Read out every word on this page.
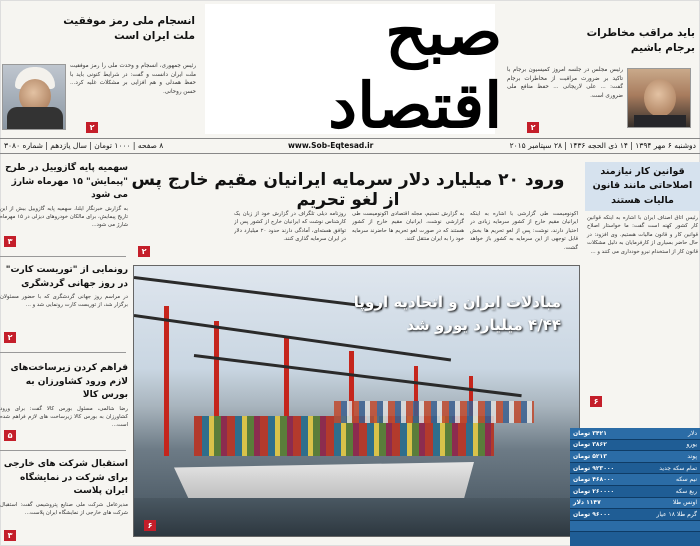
باید مراقب مخاطرات برجام باشیم
رئیس مجلس در جلسه امروز کمیسیون برجام با تاکید بر ضرورت مراقبت از مخاطرات برجام گفت: ... علی لاریجانی ... حفظ منافع ملی ضروری است.
۲
صبح اقتصاد
انسجام ملی رمز موفقیت ملت ایران است
رئیس جمهوری، انسجام و وحدت ملی را رمز موفقیت ملت ایران دانست و گفت: در شرایط کنونی باید با حفظ همدلی و هم افزایی بر مشکلات غلبه کرد... حسن روحانی.
۲
دوشنبه ۶ مهر ۱۳۹۴ | ۱۴ ذی الحجه ۱۴۳۶ | ۲۸ سپتامبر ۲۰۱۵
www.Sob-Eqtesad.ir
۸ صفحه | ۱۰۰۰ تومان | سال یازدهم | شماره ۳۰۸۰
ورود ۲۰ میلیارد دلار سرمایه ایرانیان مقیم خارج پس از لغو تحریم
اکونومیست طی گزارشی با اشاره به اینکه ایرانیان مقیم خارج از کشور سرمایه زیادی در اختیار دارند، نوشت: پس از لغو تحریم ها بخش قابل توجهی از این سرمایه به کشور باز خواهد گشت.
به گزارش تسنیم، مجله اقتصادی اکونومیست طی گزارشی نوشت، ایرانیان مقیم خارج از کشور هستند که در صورت لغو تحریم ها حاضرند سرمایه خود را به ایران منتقل کنند.
روزنامه دیلی تلگراف در گزارش خود از زبان یک کارشناس نوشت که ایرانیان خارج از کشور پس از توافق هسته‌ای، آمادگی دارند حدود ۲۰ میلیارد دلار در ایران سرمایه گذاری کنند.
۲
مبادلات ایران و اتحادیه اروپا ۴/۴۴ میلیارد یورو شد
۶
سهمیه پایه گازوییل در طرح "پیمایش" ۱۵ مهرماه شارژ می شود
به گزارش خبرنگار ایلنا، سهمیه پایه گازوییل بیش از این تاریخ پیمایش، برای مالکان خودروهای دیزلی در ۱۵ مهرماه شارژ می شود...
۳
رونمایی از "توریست کارت" در روز جهانی گردشگری
در مراسم روز جهانی گردشگری که با حضور مسئولان برگزار شد، از توریست کارت رونمایی شد و ...
۲
فراهم کردن زیرساخت‌های لازم ورود کشاورزان به بورس کالا
رضا شالمی، مسئول بورس کالا گفت: برای ورود کشاورزان به بورس کالا زیرساخت های لازم فراهم شده است...
۵
استقبال شرکت های خارجی برای شرکت در نمایشگاه ایران پلاست
مدیرعامل شرکت ملی صنایع پتروشیمی گفت: استقبال شرکت های خارجی از نمایشگاه ایران پلاست...
۳
قوانین کار نیازمند اصلاحاتی مانند قانون مالیات هستند
رئیس اتاق اصناف ایران با اشاره به اینکه قوانین کار کشور کهنه است گفت: ما خواستار اصلاح قوانین کار و قانون مالیات هستیم. وی افزود: در حال حاضر بسیاری از کارفرمایان به دلیل مشکلات قانون کار از استخدام نیرو خودداری می کنند و ...
۶
دلار
۳۴۲۱ تومان
یورو
۳۸۶۲ تومان
پوند
۵۲۱۳ تومان
تمام سکه جدید
۹۲۳۰۰۰ تومان
نیم سکه
۴۶۸۰۰۰ تومان
ربع سکه
۲۶۰۰۰۰ تومان
اونس طلا
۱۱۴۷ دلار
گرم طلا ۱۸ عیار
۹۶۰۰۰ تومان
